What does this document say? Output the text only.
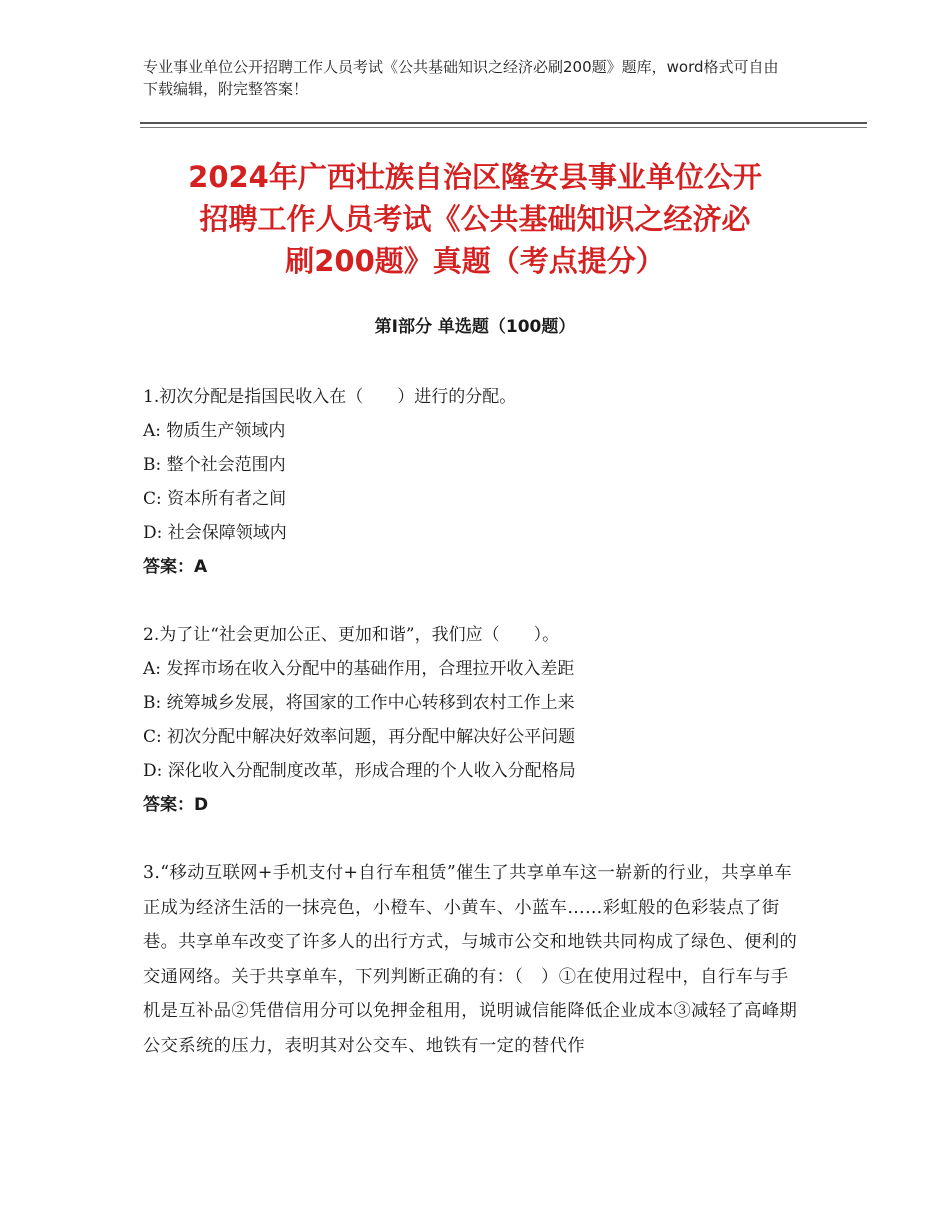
专业事业单位公开招聘工作人员考试《公共基础知识之经济必刷200题》题库，word格式可自由下载编辑，附完整答案！
2024年广西壮族自治区隆安县事业单位公开
招聘工作人员考试《公共基础知识之经济必
刷200题》真题（考点提分）
第Ⅰ部分 单选题（100题）
1.初次分配是指国民收入在（　　）进行的分配。
A: 物质生产领域内
B: 整个社会范围内
C: 资本所有者之间
D: 社会保障领域内
答案：A
2.为了让“社会更加公正、更加和谐”，我们应（　　）。
A: 发挥市场在收入分配中的基础作用，合理拉开收入差距
B: 统筹城乡发展，将国家的工作中心转移到农村工作上来
C: 初次分配中解决好效率问题，再分配中解决好公平问题
D: 深化收入分配制度改革，形成合理的个人收入分配格局
答案：D
3.“移动互联网+手机支付+自行车租赁”催生了共享单车这一崭新的行业，共享单车正成为经济生活的一抹亮色，小橙车、小黄车、小蓝车……彩虹般的色彩装点了街巷。共享单车改变了许多人的出行方式，与城市公交和地铁共同构成了绿色、便利的交通网络。关于共享单车，下列判断正确的有：（　）①在使用过程中，自行车与手机是互补品②凭借信用分可以免押金租用，说明诚信能降低企业成本③减轻了高峰期公交系统的压力，表明其对公交车、地铁有一定的替代作
